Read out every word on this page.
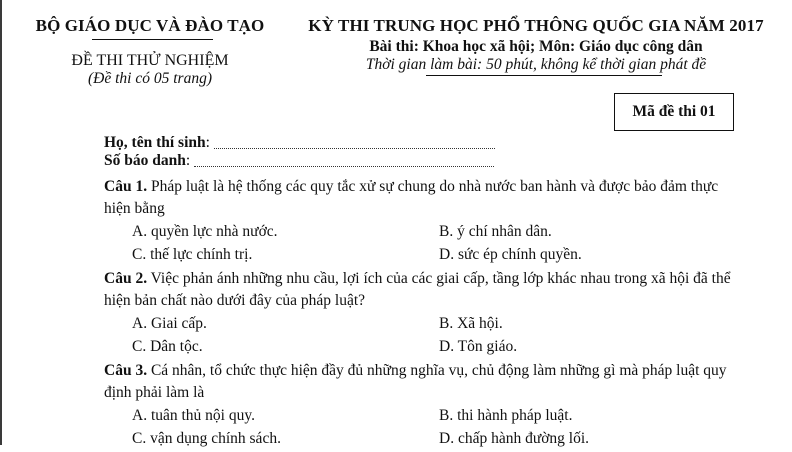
BỘ GIÁO DỤC VÀ ĐÀO TẠO
ĐỀ THI THỬ NGHIỆM
(Đề thi có 05 trang)
KỲ THI TRUNG HỌC PHỔ THÔNG QUỐC GIA NĂM 2017
Bài thi: Khoa học xã hội; Môn: Giáo dục công dân
Thời gian làm bài: 50 phút, không kể thời gian phát đề
Mã đề thi 01
Họ, tên thí sinh :
Số báo danh :
Câu 1. Pháp luật là hệ thống các quy tắc xử sự chung do nhà nước ban hành và được bảo đảm thực hiện bằng
A. quyền lực nhà nước.	B. ý chí nhân dân.
C. thế lực chính trị.	D. sức ép chính quyền.
Câu 2. Việc phản ánh những nhu cầu, lợi ích của các giai cấp, tầng lớp khác nhau trong xã hội đã thể hiện bản chất nào dưới đây của pháp luật?
A. Giai cấp.	B. Xã hội.
C. Dân tộc.	D. Tôn giáo.
Câu 3. Cá nhân, tổ chức thực hiện đầy đủ những nghĩa vụ, chủ động làm những gì mà pháp luật quy định phải làm là
A. tuân thủ nội quy.	B. thi hành pháp luật.
C. vận dụng chính sách.	D. chấp hành đường lối.
